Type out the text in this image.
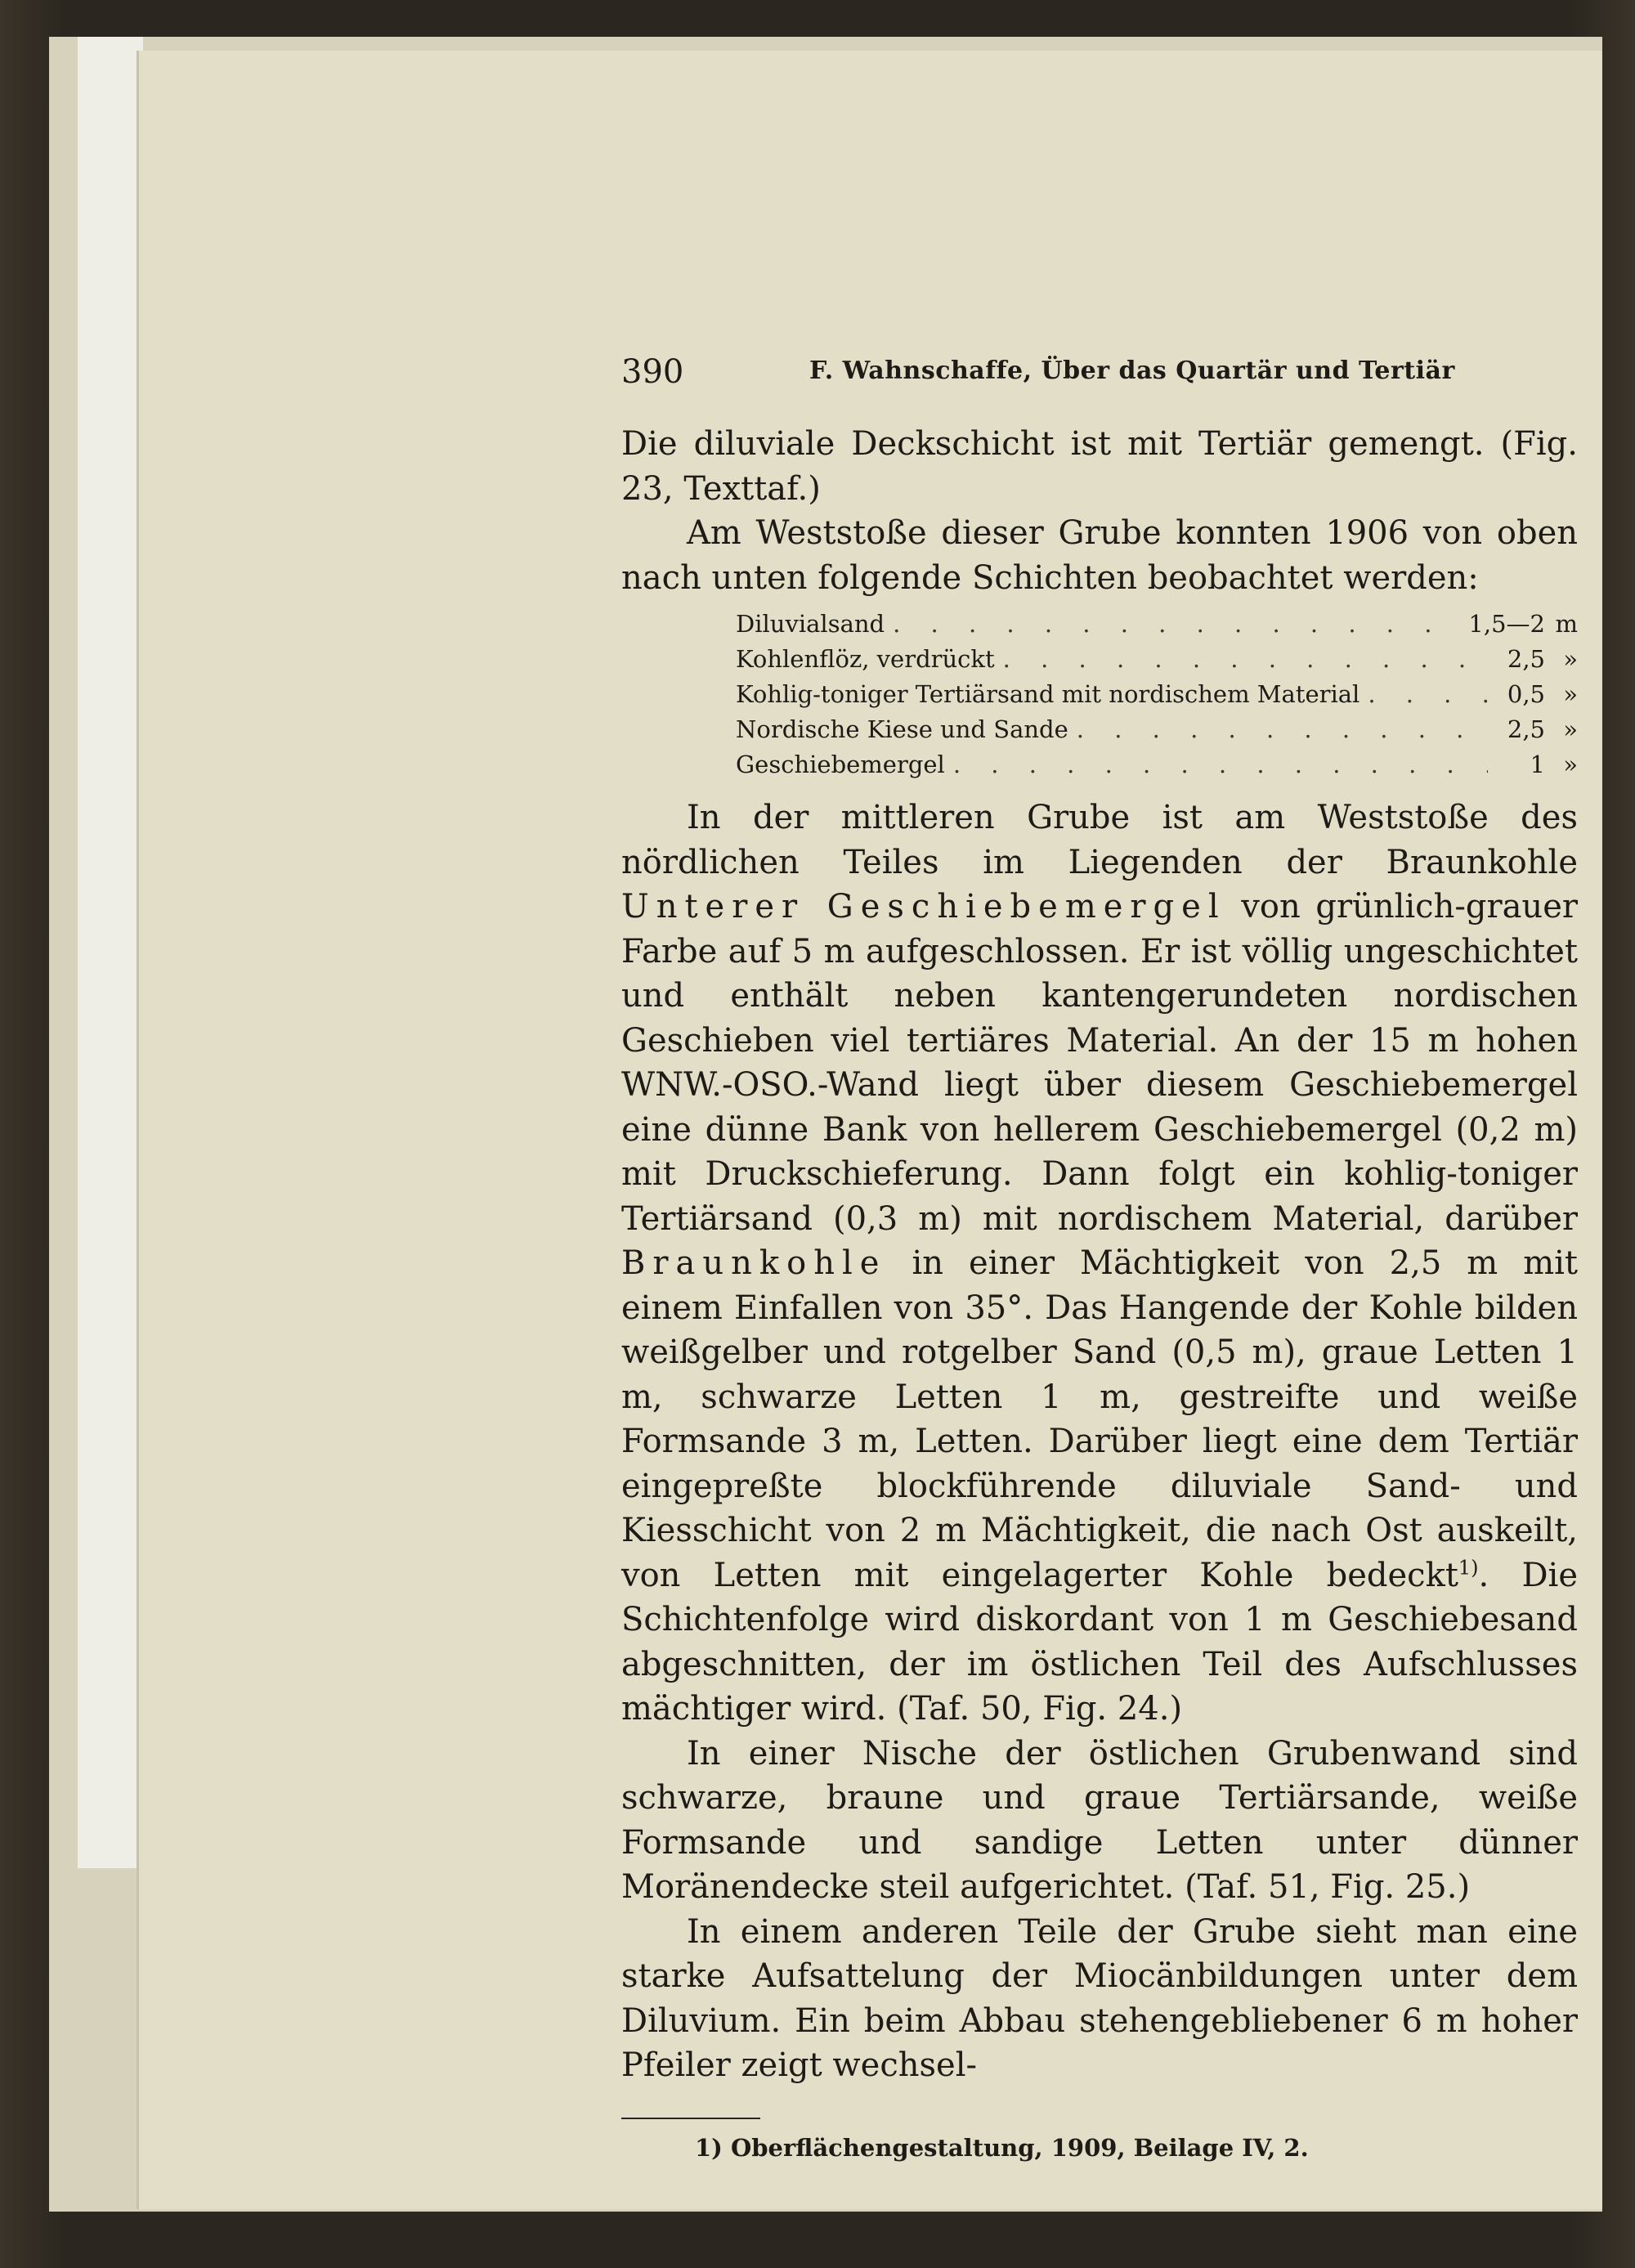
390	F. Wahnschaffe, Über das Quartär und Tertiär

Die diluviale Deckschicht ist mit Tertiär gemengt. (Fig. 23, Texttaf.)

Am Weststoße dieser Grube konnten 1906 von oben nach unten folgende Schichten beobachtet werden:

Diluvialsand . . .	1,5—2 m
Kohlenflöz, verdrückt . . .	2,5 »
Kohlig-toniger Tertiärsand mit nordischem Material . . .	0,5 »
Nordische Kiese und Sande . . .	2,5 »
Geschiebemergel . . .	1 »

In der mittleren Grube ist am Weststoße des nördlichen Teiles im Liegenden der Braunkohle Unterer Geschiebemergel von grünlich-grauer Farbe auf 5 m aufgeschlossen. Er ist völlig ungeschichtet und enthält neben kantengerundeten nordischen Geschieben viel tertiäres Material. An der 15 m hohen WNW.-OSO.-Wand liegt über diesem Geschiebemergel eine dünne Bank von hellerem Geschiebemergel (0,2 m) mit Druckschieferung. Dann folgt ein kohlig-toniger Tertiärsand (0,3 m) mit nordischem Material, darüber Braunkohle in einer Mächtigkeit von 2,5 m mit einem Einfallen von 35°. Das Hangende der Kohle bilden weißgelber und rotgelber Sand (0,5 m), graue Letten 1 m, schwarze Letten 1 m, gestreifte und weiße Formsande 3 m, Letten. Darüber liegt eine dem Tertiär eingepreßte blockführende diluviale Sand- und Kiesschicht von 2 m Mächtigkeit, die nach Ost auskeilt, von Letten mit eingelagerter Kohle bedeckt$^{1)}$. Die Schichtenfolge wird diskordant von 1 m Geschiebesand abgeschnitten, der im östlichen Teil des Aufschlusses mächtiger wird. (Taf. 50, Fig. 24.)

In einer Nische der östlichen Grubenwand sind schwarze, braune und graue Tertiärsande, weiße Formsande und sandige Letten unter dünner Moränendecke steil aufgerichtet. (Taf. 51, Fig. 25.)

In einem anderen Teile der Grube sieht man eine starke Aufsattelung der Miocänbildungen unter dem Diluvium. Ein beim Abbau stehengebliebener 6 m hoher Pfeiler zeigt wechsel-

1) Oberflächengestaltung, 1909, Beilage IV, 2.
